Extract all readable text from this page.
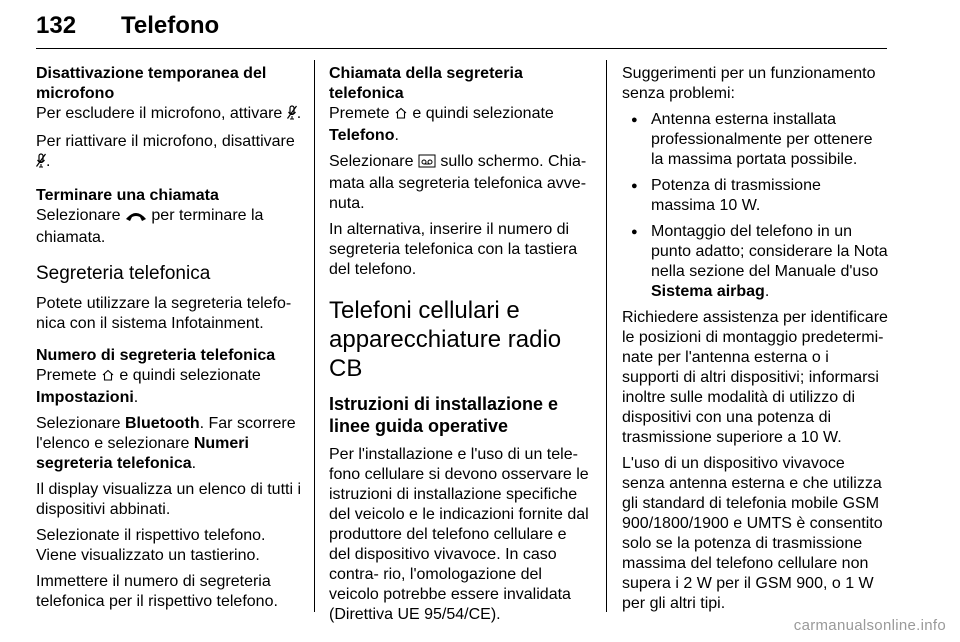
132 Telefono

Disattivazione temporanea del microfono

Per escludere il microfono, attivare .

Per riattivare il microfono, disattivare .

Terminare una chiamata

Selezionare per terminare la chiamata.

Segreteria telefonica

Potete utilizzare la segreteria telefo- nica con il sistema Infotainment.

Numero di segreteria telefonica

Premete e quindi selezionate Impostazioni.

Selezionare Bluetooth. Far scorrere l'elenco e selezionare Numeri segreteria telefonica.

Il display visualizza un elenco di tutti i dispositivi abbinati.

Selezionate il rispettivo telefono. Viene visualizzato un tastierino.

Immettere il numero di segreteria telefonica per il rispettivo telefono.

Chiamata della segreteria telefonica

Premete e quindi selezionate Telefono.

Selezionare sullo schermo. Chia- mata alla segreteria telefonica avve- nuta.

In alternativa, inserire il numero di segreteria telefonica con la tastiera del telefono.

Telefoni cellulari e apparecchiature radio CB

Istruzioni di installazione e linee guida operative

Per l'installazione e l'uso di un tele- fono cellulare si devono osservare le istruzioni di installazione specifiche del veicolo e le indicazioni fornite dal produttore del telefono cellulare e del dispositivo vivavoce. In caso contra- rio, l'omologazione del veicolo potrebbe essere invalidata (Direttiva UE 95/54/CE).

Suggerimenti per un funzionamento senza problemi:

● Antenna esterna installata professionalmente per ottenere la massima portata possibile.
● Potenza di trasmissione massima 10 W.
● Montaggio del telefono in un punto adatto; considerare la Nota nella sezione del Manuale d'uso Sistema airbag.

Richiedere assistenza per identificare le posizioni di montaggio predetermi- nate per l'antenna esterna o i supporti di altri dispositivi; informarsi inoltre sulle modalità di utilizzo di dispositivi con una potenza di trasmissione superiore a 10 W.

L'uso di un dispositivo vivavoce senza antenna esterna e che utilizza gli standard di telefonia mobile GSM 900/1800/1900 e UMTS è consentito solo se la potenza di trasmissione massima del telefono cellulare non supera i 2 W per il GSM 900, o 1 W per gli altri tipi.

carmanualsonline.info
